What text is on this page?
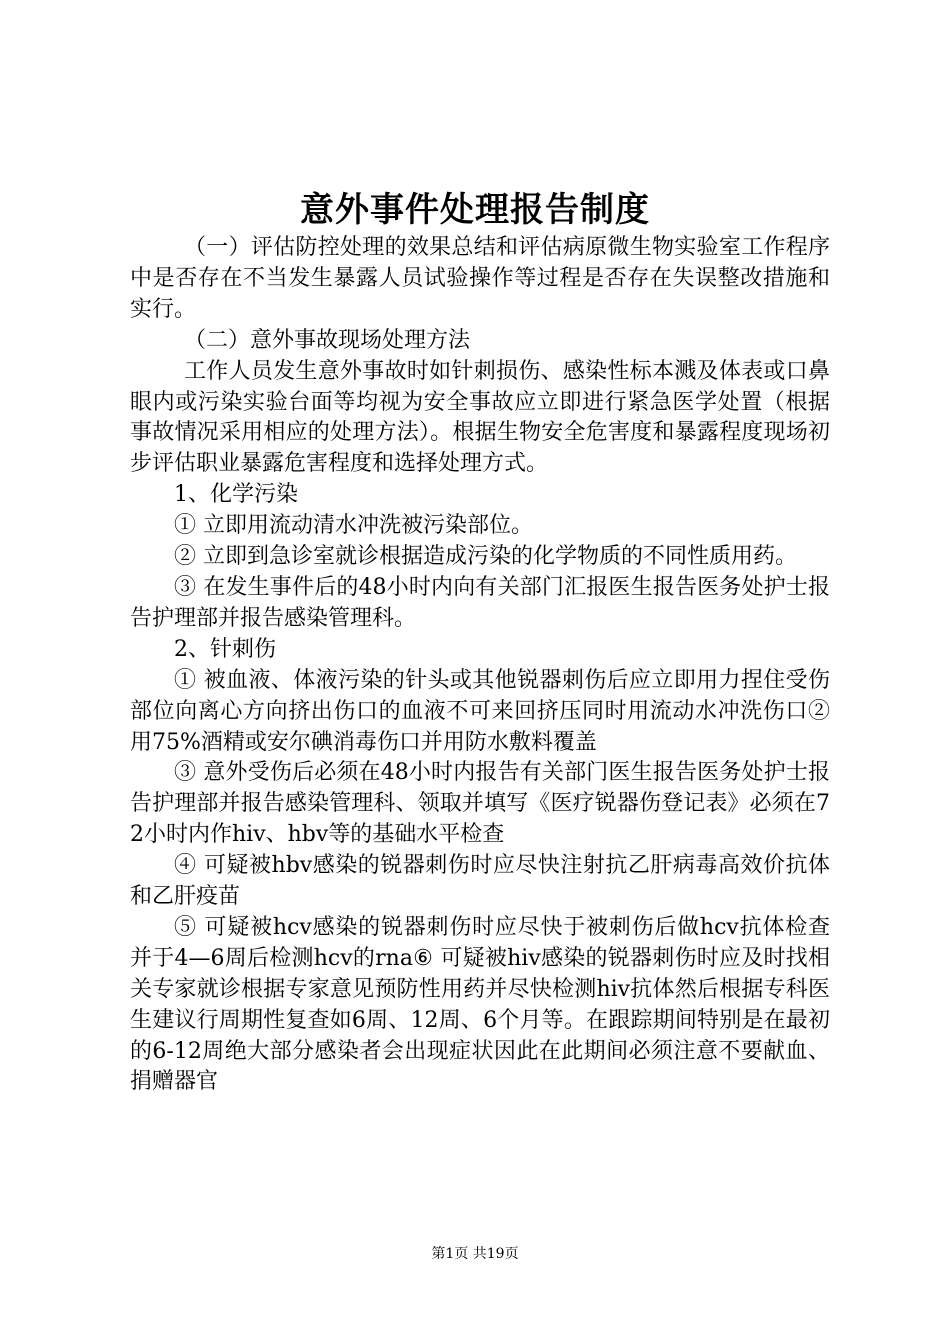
意外事件处理报告制度

（一）评估防控处理的效果总结和评估病原微生物实验室工作程序中是否存在不当发生暴露人员试验操作等过程是否存在失误整改措施和实行。

（二）意外事故现场处理方法

工作人员发生意外事故时如针刺损伤、感染性标本溅及体表或口鼻眼内或污染实验台面等均视为安全事故应立即进行紧急医学处置（根据事故情况采用相应的处理方法）。根据生物安全危害度和暴露程度现场初步评估职业暴露危害程度和选择处理方式。

1、化学污染

① 立即用流动清水冲洗被污染部位。

② 立即到急诊室就诊根据造成污染的化学物质的不同性质用药。

③ 在发生事件后的48小时内向有关部门汇报医生报告医务处护士报告护理部并报告感染管理科。

2、针刺伤

① 被血液、体液污染的针头或其他锐器刺伤后应立即用力捏住受伤部位向离心方向挤出伤口的血液不可来回挤压同时用流动水冲洗伤口②用75%酒精或安尔碘消毒伤口并用防水敷料覆盖

③ 意外受伤后必须在48小时内报告有关部门医生报告医务处护士报告护理部并报告感染管理科、领取并填写《医疗锐器伤登记表》必须在72小时内作hiv、hbv等的基础水平检查

④ 可疑被hbv感染的锐器刺伤时应尽快注射抗乙肝病毒高效价抗体和乙肝疫苗

⑤ 可疑被hcv感染的锐器刺伤时应尽快于被刺伤后做hcv抗体检查并于4—6周后检测hcv的rna⑥ 可疑被hiv感染的锐器刺伤时应及时找相关专家就诊根据专家意见预防性用药并尽快检测hiv抗体然后根据专科医生建议行周期性复查如6周、12周、6个月等。在跟踪期间特别是在最初的6-12周绝大部分感染者会出现症状因此在此期间必须注意不要献血、捐赠器官

第1页 共19页
